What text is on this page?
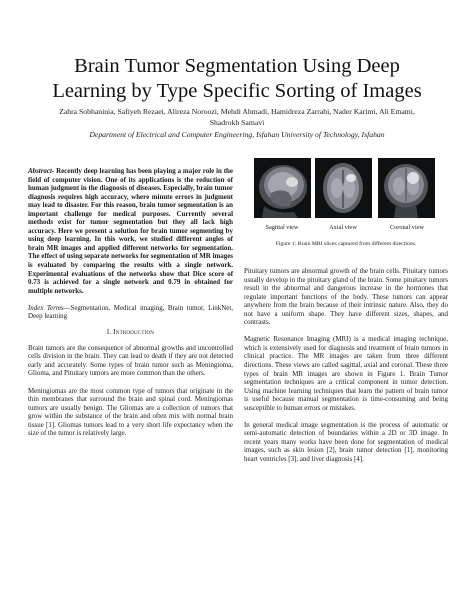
Brain Tumor Segmentation Using Deep
Learning by Type Specific Sorting of Images
Zahra Sobhaninia, Safiyeh Rezaei, Alireza Noroozi, Mehdi Ahmadi, Hamidreza Zarrabi, Nader Karimi, Ali Emami,
Shadrokh Samavi
Department of Electrical and Computer Engineering, Isfahan University of Technology, Isfahan

Abstract- Recently deep learning has been playing a major role in the field of computer vision. One of its applications is the reduction of human judgment in the diagnosis of diseases. Especially, brain tumor diagnosis requires high accuracy, where minute errors in judgment may lead to disaster. For this reason, brain tumor segmentation is an important challenge for medical purposes. Currently several methods exist for tumor segmentation but they all lack high accuracy. Here we present a solution for brain tumor segmenting by using deep learning. In this work, we studied different angles of brain MR images and applied different networks for segmentation. The effect of using separate networks for segmentation of MR images is evaluated by comparing the results with a single network. Experimental evaluations of the networks show that Dice score of 0.73 is achieved for a single network and 0.79 in obtained for multiple networks.

Index Terms—Segmentation, Medical imaging, Brain tumor, LinkNet, Deep learning

I. Introduction

Brain tumors are the consequence of abnormal growths and uncontrolled cells division in the brain. They can lead to death if they are not detected early and accurately. Some types of brain tumor such as Meningioma, Glioma, and Pituitary tumors are more common than the others.

Meningiomas are the most common type of tumors that originate in the thin membranes that surround the brain and spinal cord. Meningiomas tumors are usually benign. The Gliomas are a collection of tumors that grow within the substance of the brain and often mix with normal brain tissue [1]. Gliomas tumors lead to a very short life expectancy when the size of the tumor is relatively large.

Sagittal view	Axial view	Coronal view
Figure 1: Brain MRI slices captured from different directions.

Pituitary tumors are abnormal growth of the brain cells. Pituitary tumors usually develop in the pituitary gland of the brain. Some pituitary tumors result in the abnormal and dangerous increase in the hormones that regulate important functions of the body. These tumors can appear anywhere from the brain because of their intrinsic nature. Also, they do not have a uniform shape. They have different sizes, shapes, and contrasts.

Magnetic Resonance Imaging (MRI) is a medical imaging technique, which is extensively used for diagnosis and treatment of brain tumors in clinical practice. The MR images are taken from three different directions. These views are called sagittal, axial and coronal. These three types of brain MR images are shown in Figure 1. Brain Tumor segmentation techniques are a critical component in tumor detection. Using machine learning techniques that learn the pattern of brain tumor is useful because manual segmentation is time-consuming and being susceptible to human errors or mistakes.

In general medical image segmentation is the process of automatic or semi-automatic detection of boundaries within a 2D or 3D image. In recent years many works have been done for segmentation of medical images, such as skin lesion [2], brain tumor detection [1], monitoring heart ventricles [3], and liver diagnosis [4].
